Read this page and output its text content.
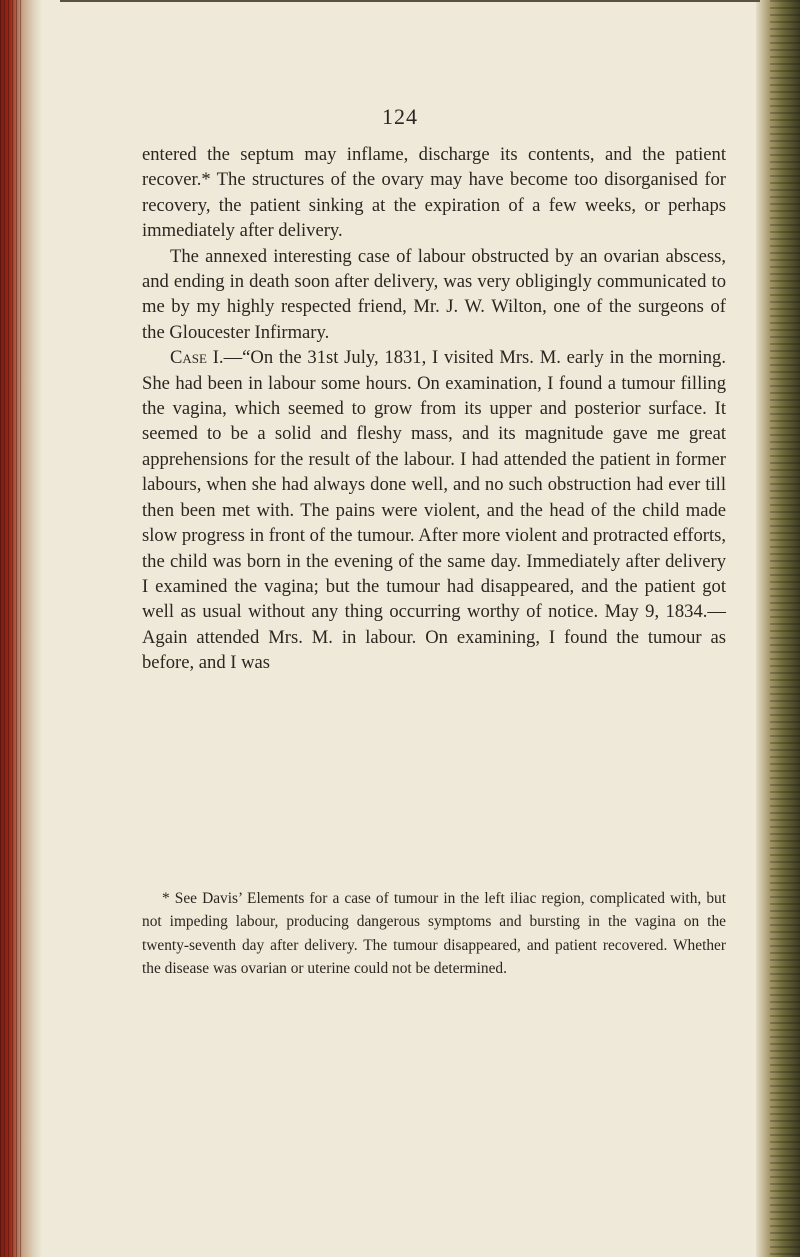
124

entered the septum may inflame, discharge its contents, and the patient recover.* The structures of the ovary may have become too disorganised for recovery, the patient sinking at the expiration of a few weeks, or perhaps immediately after delivery.

The annexed interesting case of labour obstructed by an ovarian abscess, and ending in death soon after delivery, was very obligingly communicated to me by my highly respected friend, Mr. J. W. Wilton, one of the surgeons of the Gloucester Infirmary.

Case I.—“On the 31st July, 1831, I visited Mrs. M. early in the morning. She had been in labour some hours. On examination, I found a tumour filling the vagina, which seemed to grow from its upper and posterior surface. It seemed to be a solid and fleshy mass, and its magnitude gave me great apprehensions for the result of the labour. I had attended the patient in former labours, when she had always done well, and no such obstruction had ever till then been met with. The pains were violent, and the head of the child made slow progress in front of the tumour. After more violent and protracted efforts, the child was born in the evening of the same day. Immediately after delivery I examined the vagina; but the tumour had disappeared, and the patient got well as usual without any thing occurring worthy of notice. May 9, 1834.—Again attended Mrs. M. in labour. On examining, I found the tumour as before, and I was

* See Davis’ Elements for a case of tumour in the left iliac region, complicated with, but not impeding labour, producing dangerous symptoms and bursting in the vagina on the twenty-seventh day after delivery. The tumour disappeared, and patient recovered. Whether the disease was ovarian or uterine could not be determined.
